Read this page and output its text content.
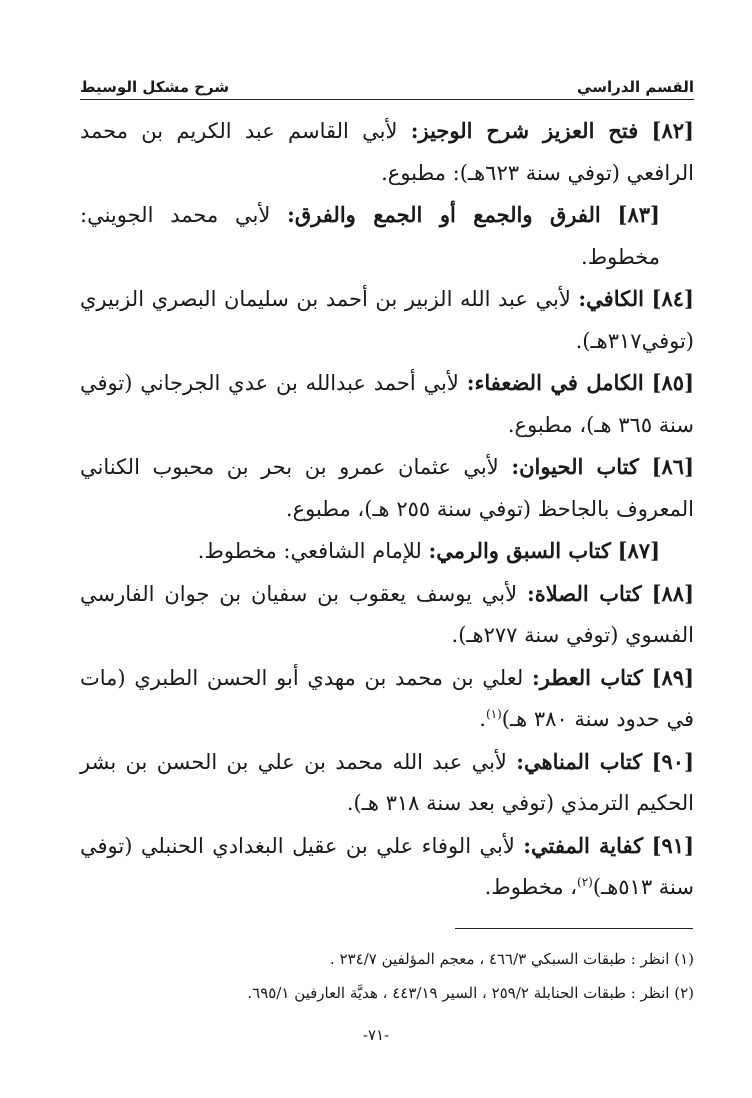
القسم الدراسي
شرح مشكل الوسيط

[٨٢] فتح العزيز شرح الوجيز: لأبي القاسم عبد الكريم بن محمد الرافعي (توفي سنة ٦٢٣هـ): مطبوع.

[٨٣] الفرق والجمع أو الجمع والفرق: لأبي محمد الجويني: مخطوط.

[٨٤] الكافي: لأبي عبد الله الزبير بن أحمد بن سليمان البصري الزبيري (توفي٣١٧هـ).

[٨٥] الكامل في الضعفاء: لأبي أحمد عبدالله بن عدي الجرجاني (توفي سنة ٣٦٥ هـ)، مطبوع.

[٨٦] كتاب الحيوان: لأبي عثمان عمرو بن بحر بن محبوب الكناني المعروف بالجاحظ (توفي سنة ٢٥٥ هـ)، مطبوع.

[٨٧] كتاب السبق والرمي: للإمام الشافعي: مخطوط.

[٨٨] كتاب الصلاة: لأبي يوسف يعقوب بن سفيان بن جوان الفارسي الفسوي (توفي سنة ٢٧٧هـ).

[٨٩] كتاب العطر: لعلي بن محمد بن مهدي أبو الحسن الطبري (مات في حدود سنة ٣٨٠ هـ)$^{(١)}$.

[٩٠] كتاب المناهي: لأبي عبد الله محمد بن علي بن الحسن بن بشر الحكيم الترمذي (توفي بعد سنة ٣١٨ هـ).

[٩١] كفاية المفتي: لأبي الوفاء علي بن عقيل البغدادي الحنبلي (توفي سنة ٥١٣هـ)$^{(٢)}$، مخطوط.

(١) انظر : طبقات السبكي ٤٦٦/٣ ، معجم المؤلفين ٢٣٤/٧ .

(٢) انظر : طبقات الحنابلة ٢٥٩/٢ ، السير ٤٤٣/١٩ ، هديَّة العارفين ٦٩٥/١.

-٧١-
